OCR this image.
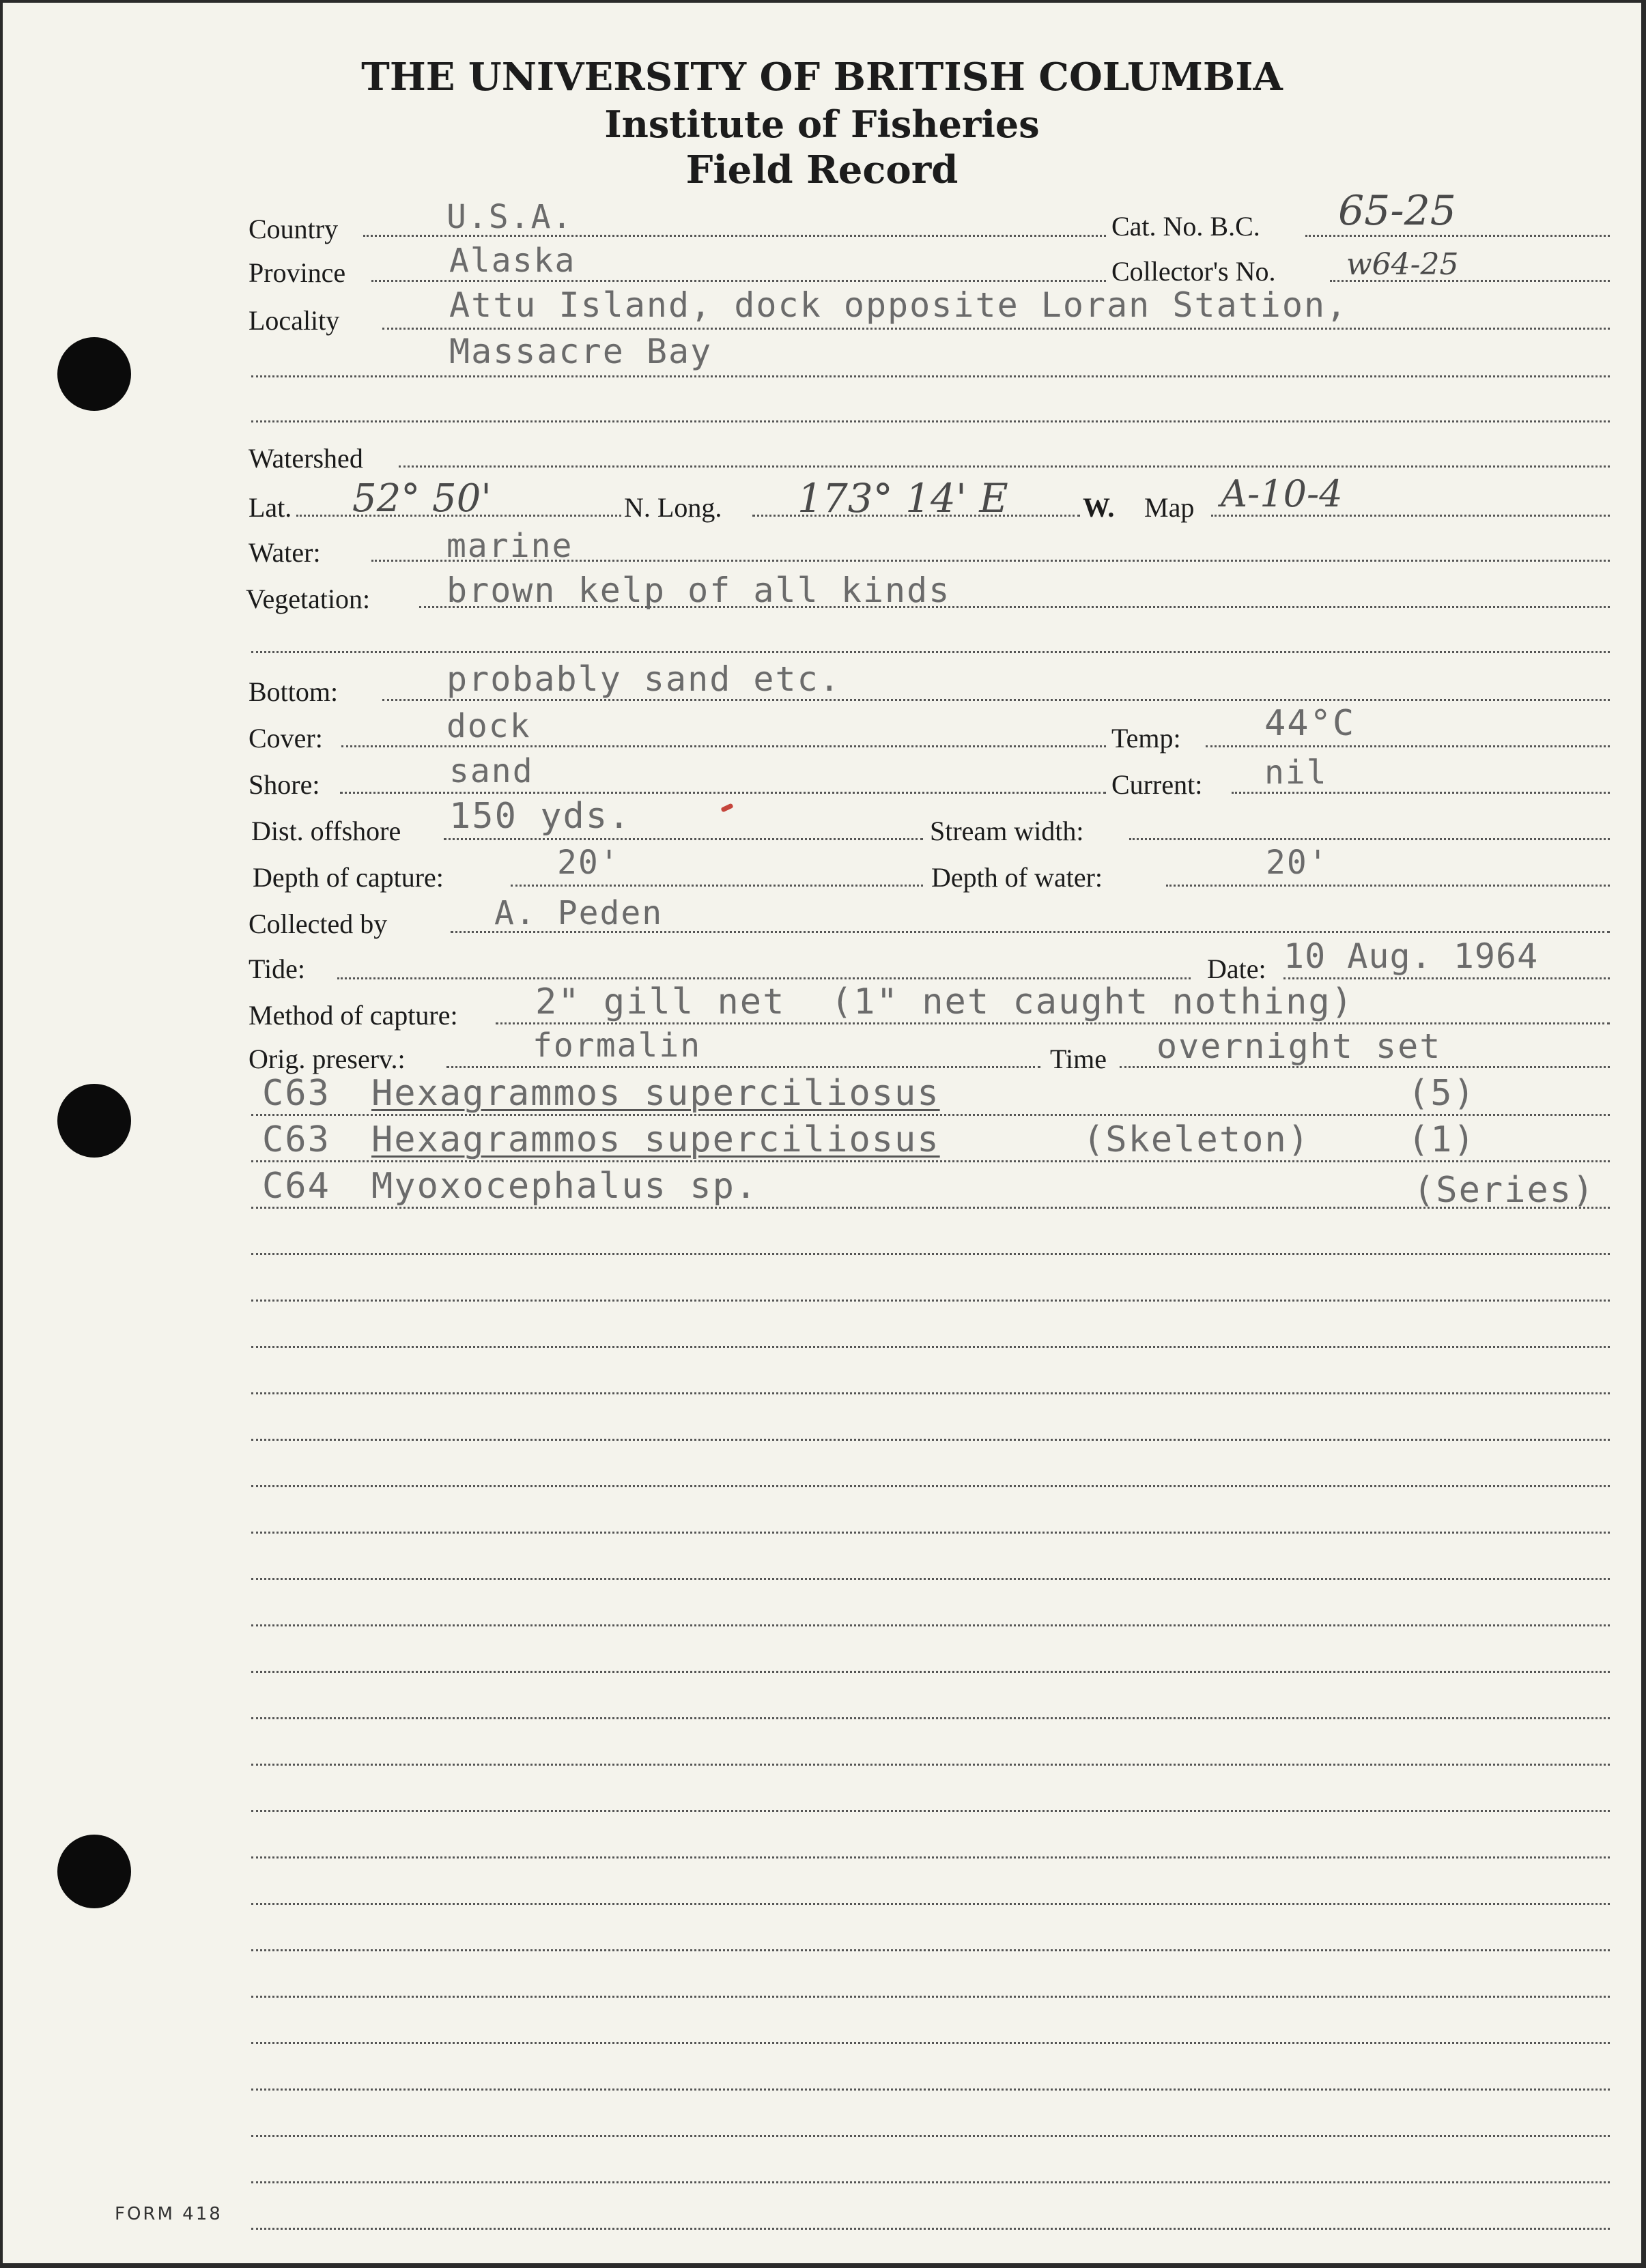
THE UNIVERSITY OF BRITISH COLUMBIA
Institute of Fisheries
Field Record
Country	U.S.A.	Cat. No. B.C. 65-25
Province	Alaska	Collector's No. w64-25
Locality	Attu Island, dock opposite Loran Station,
Massacre Bay
Watershed
Lat. 52° 50'	N. Long. 173° 14' E	W. Map A-10-4
Water:	marine
Vegetation: brown kelp of all kinds
Bottom:	probably sand etc.
Cover:	dock	Temp: 44°C
Shore:	sand	Current: nil
Dist. offshore 150 yds.	Stream width:
Depth of capture:	20'	Depth of water:	20'
Collected by	A. Peden
Tide:	Date: 10 Aug. 1964
Method of capture: 2" gill net  (1" net caught nothing)
Orig. preserv.:	formalin	Time overnight set
C63 Hexagrammos superciliosus	(5)
C63 Hexagrammos superciliosus	(Skeleton)	(1)
C64 Myoxocephalus sp.	(Series)
FORM 418
